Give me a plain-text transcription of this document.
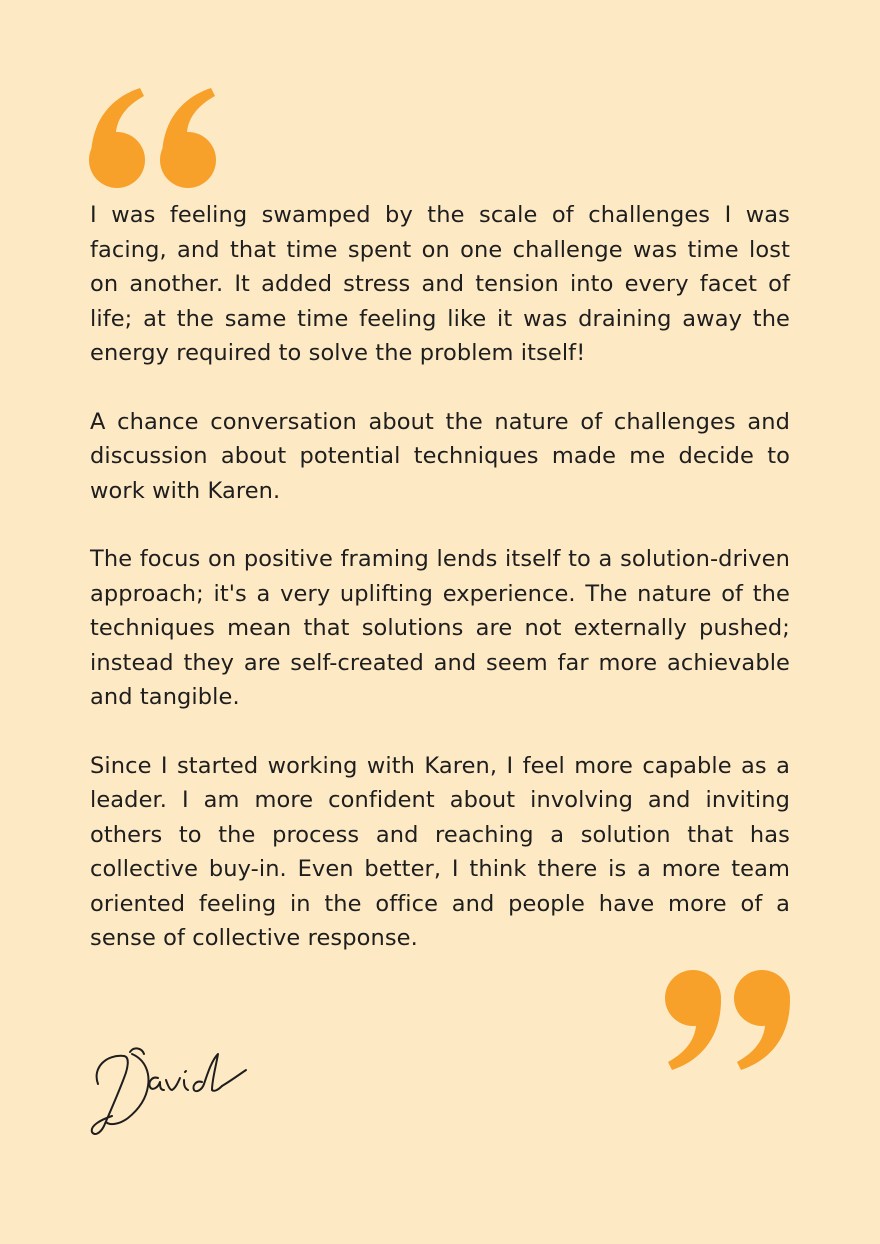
I was feeling swamped by the scale of challenges I was facing, and that time spent on one challenge was time lost on another. It added stress and tension into every facet of life; at the same time feeling like it was draining away the energy required to solve the problem itself!

A chance conversation about the nature of challenges and discussion about potential techniques made me decide to work with Karen.

The focus on positive framing lends itself to a solution-driven approach; it's a very uplifting experience. The nature of the techniques mean that solutions are not externally pushed; instead they are self-created and seem far more achievable and tangible.

Since I started working with Karen, I feel more capable as a leader. I am more confident about involving and inviting others to the process and reaching a solution that has collective buy-in. Even better, I think there is a more team oriented feeling in the office and people have more of a sense of collective response.
